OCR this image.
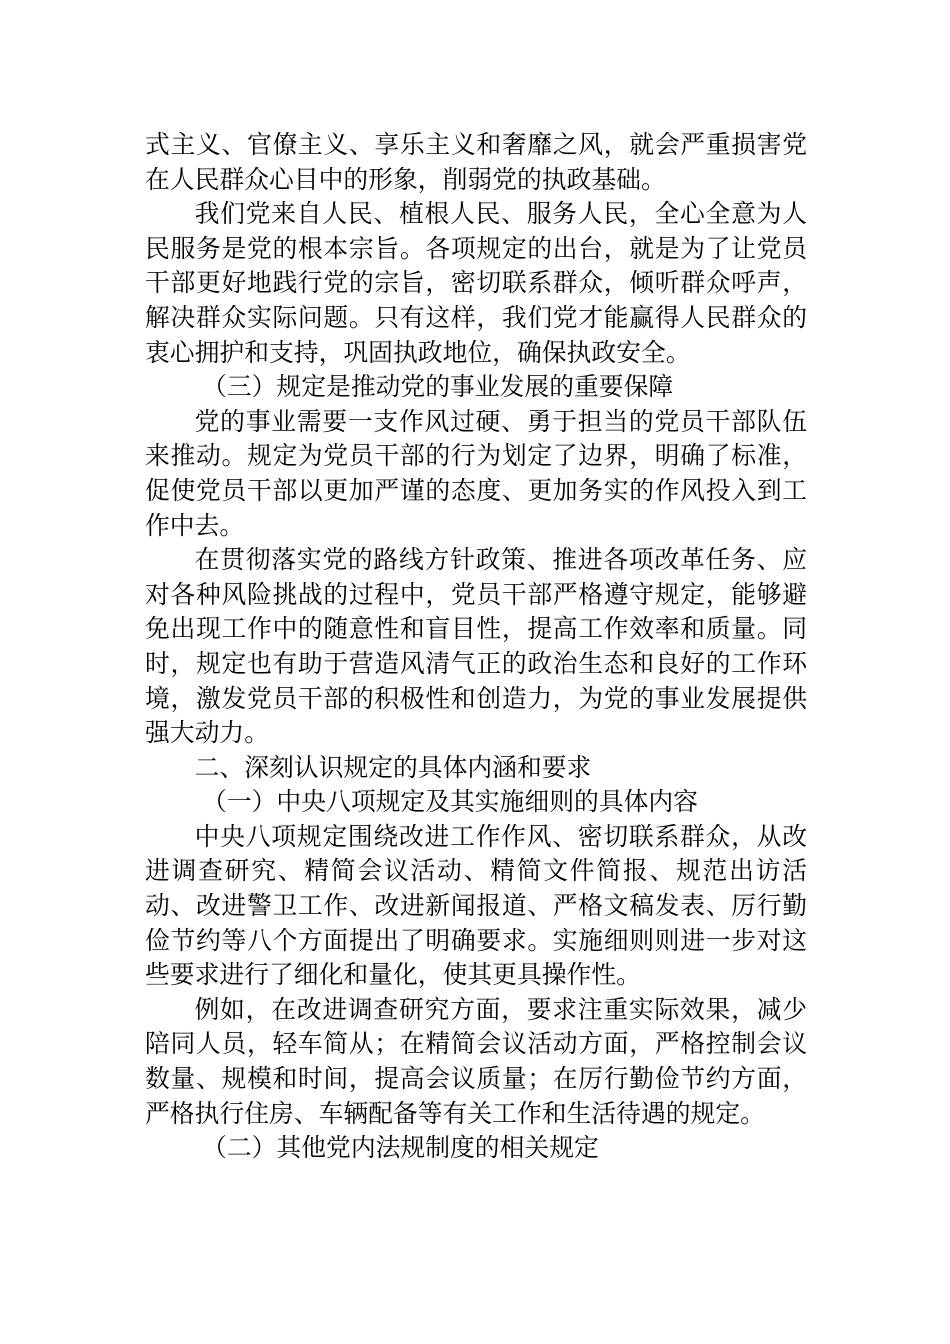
式主义、官僚主义、享乐主义和奢靡之风，就会严重损害党在人民群众心目中的形象，削弱党的执政基础。

我们党来自人民、植根人民、服务人民，全心全意为人民服务是党的根本宗旨。各项规定的出台，就是为了让党员干部更好地践行党的宗旨，密切联系群众，倾听群众呼声，解决群众实际问题。只有这样，我们党才能赢得人民群众的衷心拥护和支持，巩固执政地位，确保执政安全。

（三）规定是推动党的事业发展的重要保障

党的事业需要一支作风过硬、勇于担当的党员干部队伍来推动。规定为党员干部的行为划定了边界，明确了标准，促使党员干部以更加严谨的态度、更加务实的作风投入到工作中去。

在贯彻落实党的路线方针政策、推进各项改革任务、应对各种风险挑战的过程中，党员干部严格遵守规定，能够避免出现工作中的随意性和盲目性，提高工作效率和质量。同时，规定也有助于营造风清气正的政治生态和良好的工作环境，激发党员干部的积极性和创造力，为党的事业发展提供强大动力。

二、深刻认识规定的具体内涵和要求

（一）中央八项规定及其实施细则的具体内容

中央八项规定围绕改进工作作风、密切联系群众，从改进调查研究、精简会议活动、精简文件简报、规范出访活动、改进警卫工作、改进新闻报道、严格文稿发表、厉行勤俭节约等八个方面提出了明确要求。实施细则则进一步对这些要求进行了细化和量化，使其更具操作性。

例如，在改进调查研究方面，要求注重实际效果，减少陪同人员，轻车简从；在精简会议活动方面，严格控制会议数量、规模和时间，提高会议质量；在厉行勤俭节约方面，严格执行住房、车辆配备等有关工作和生活待遇的规定。

（二）其他党内法规制度的相关规定
